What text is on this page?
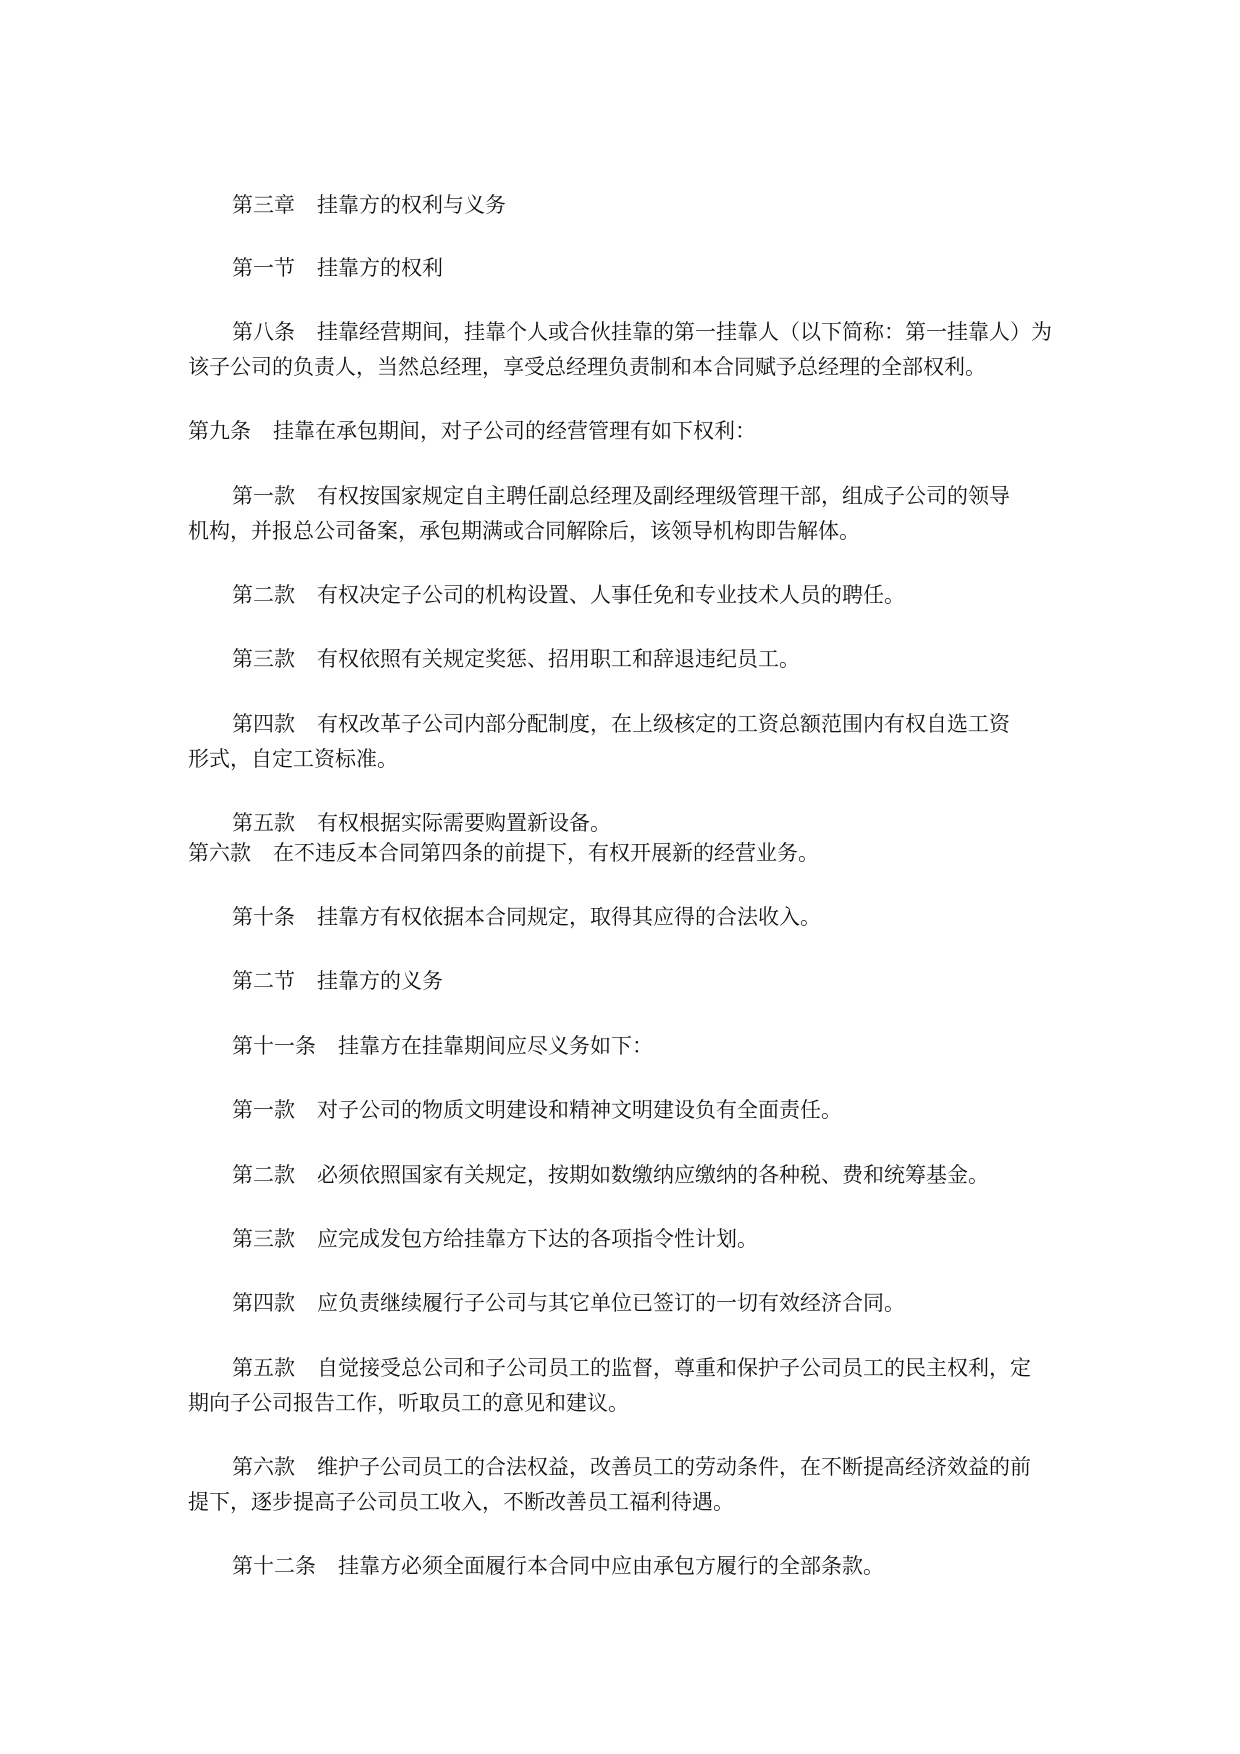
第三章 挂靠方的权利与义务
第一节 挂靠方的权利
第八条 挂靠经营期间，挂靠个人或合伙挂靠的第一挂靠人（以下简称：第一挂靠人）为
该子公司的负责人，当然总经理，享受总经理负责制和本合同赋予总经理的全部权利。
第九条 挂靠在承包期间，对子公司的经营管理有如下权利：
第一款 有权按国家规定自主聘任副总经理及副经理级管理干部，组成子公司的领导
机构，并报总公司备案，承包期满或合同解除后，该领导机构即告解体。
第二款 有权决定子公司的机构设置、人事任免和专业技术人员的聘任。
第三款 有权依照有关规定奖惩、招用职工和辞退违纪员工。
第四款 有权改革子公司内部分配制度，在上级核定的工资总额范围内有权自选工资
形式，自定工资标准。
第五款 有权根据实际需要购置新设备。
第六款 在不违反本合同第四条的前提下，有权开展新的经营业务。
第十条 挂靠方有权依据本合同规定，取得其应得的合法收入。
第二节 挂靠方的义务
第十一条 挂靠方在挂靠期间应尽义务如下：
第一款 对子公司的物质文明建设和精神文明建设负有全面责任。
第二款 必须依照国家有关规定，按期如数缴纳应缴纳的各种税、费和统筹基金。
第三款 应完成发包方给挂靠方下达的各项指令性计划。
第四款 应负责继续履行子公司与其它单位已签订的一切有效经济合同。
第五款 自觉接受总公司和子公司员工的监督，尊重和保护子公司员工的民主权利，定
期向子公司报告工作，听取员工的意见和建议。
第六款 维护子公司员工的合法权益，改善员工的劳动条件，在不断提高经济效益的前
提下，逐步提高子公司员工收入，不断改善员工福利待遇。
第十二条 挂靠方必须全面履行本合同中应由承包方履行的全部条款。
